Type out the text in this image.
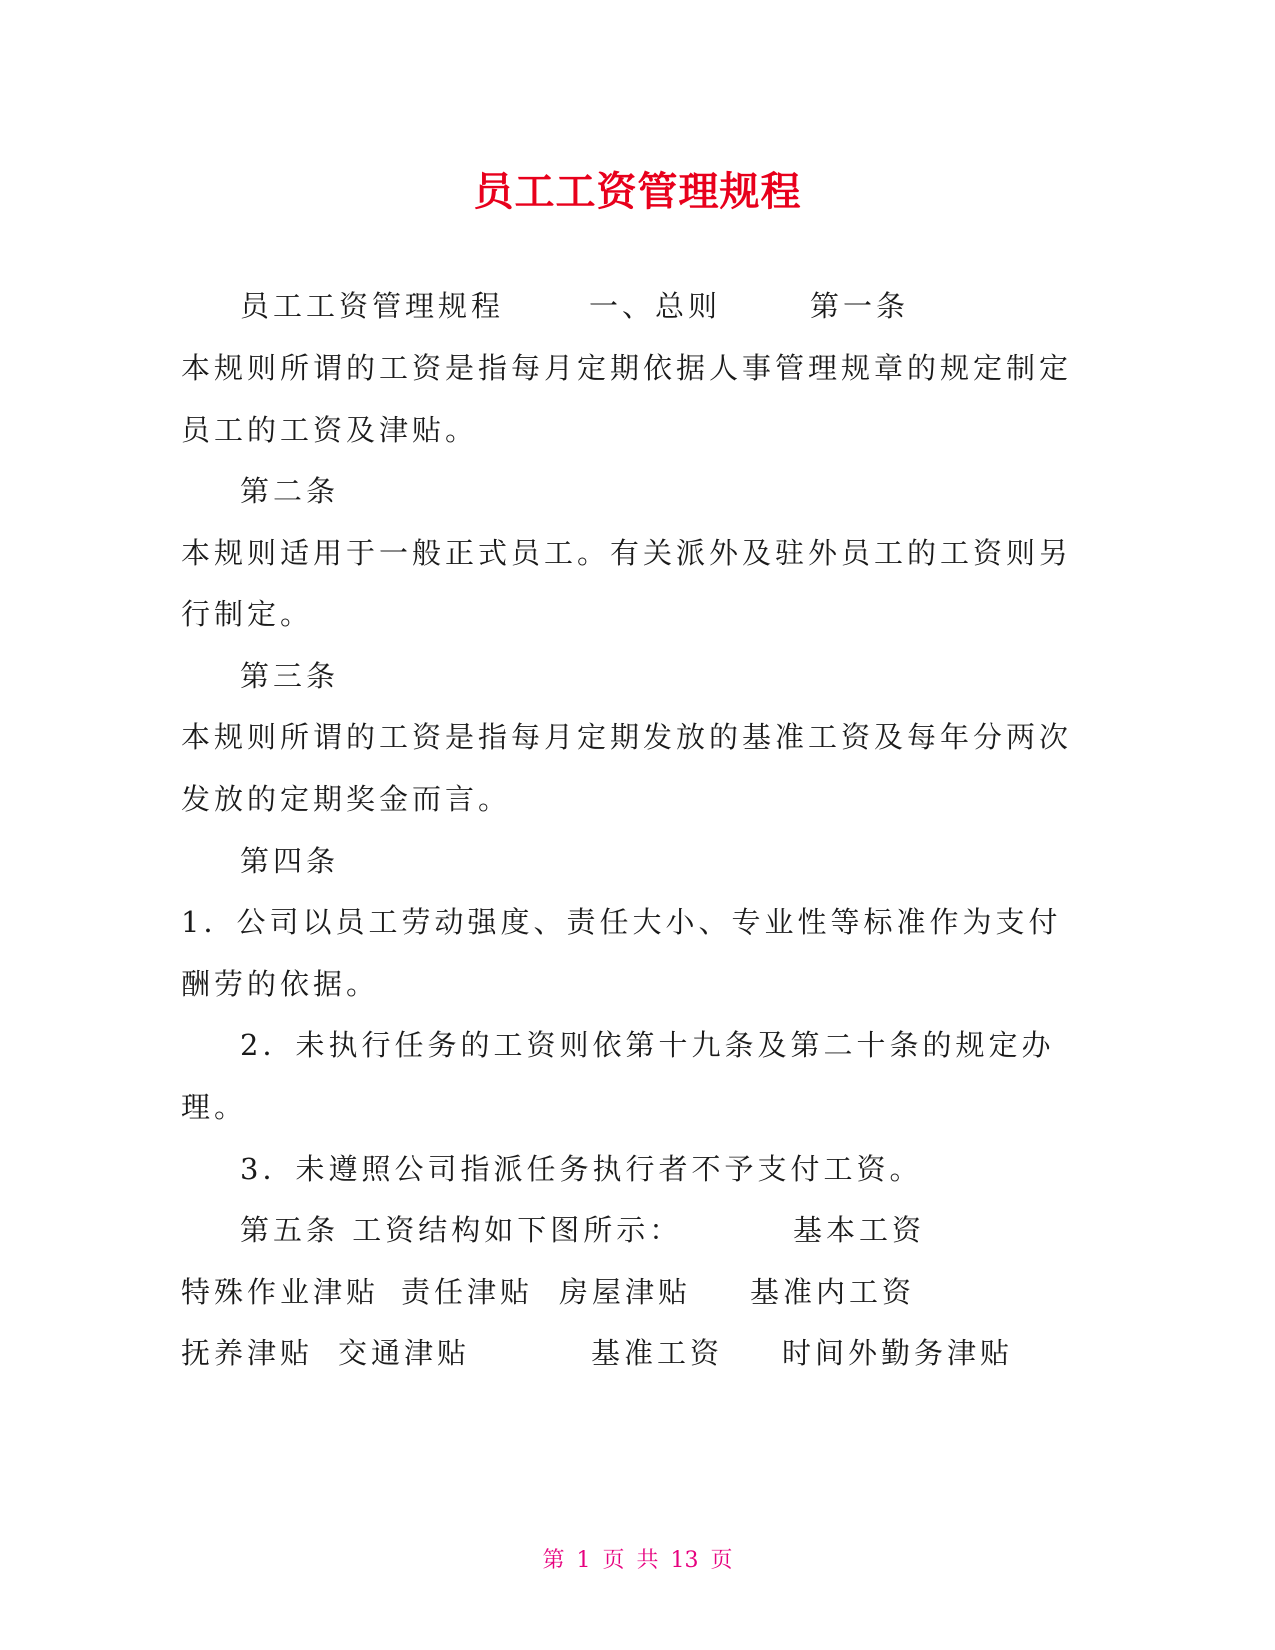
员工工资管理规程
员工工资管理规程	一、总则	第一条
本规则所谓的工资是指每月定期依据人事管理规章的规定制定
员工的工资及津贴。
第二条
本规则适用于一般正式员工。有关派外及驻外员工的工资则另
行制定。
第三条
本规则所谓的工资是指每月定期发放的基准工资及每年分两次
发放的定期奖金而言。
第四条
1．公司以员工劳动强度、责任大小、专业性等标准作为支付
酬劳的依据。
2．未执行任务的工资则依第十九条及第二十条的规定办
理。
3．未遵照公司指派任务执行者不予支付工资。
第五条 工资结构如下图所示：	基本工资
特殊作业津贴 责任津贴 房屋津贴 基准内工资
抚养津贴 交通津贴	基准工资 时间外勤务津贴
第 1 页 共 13 页
